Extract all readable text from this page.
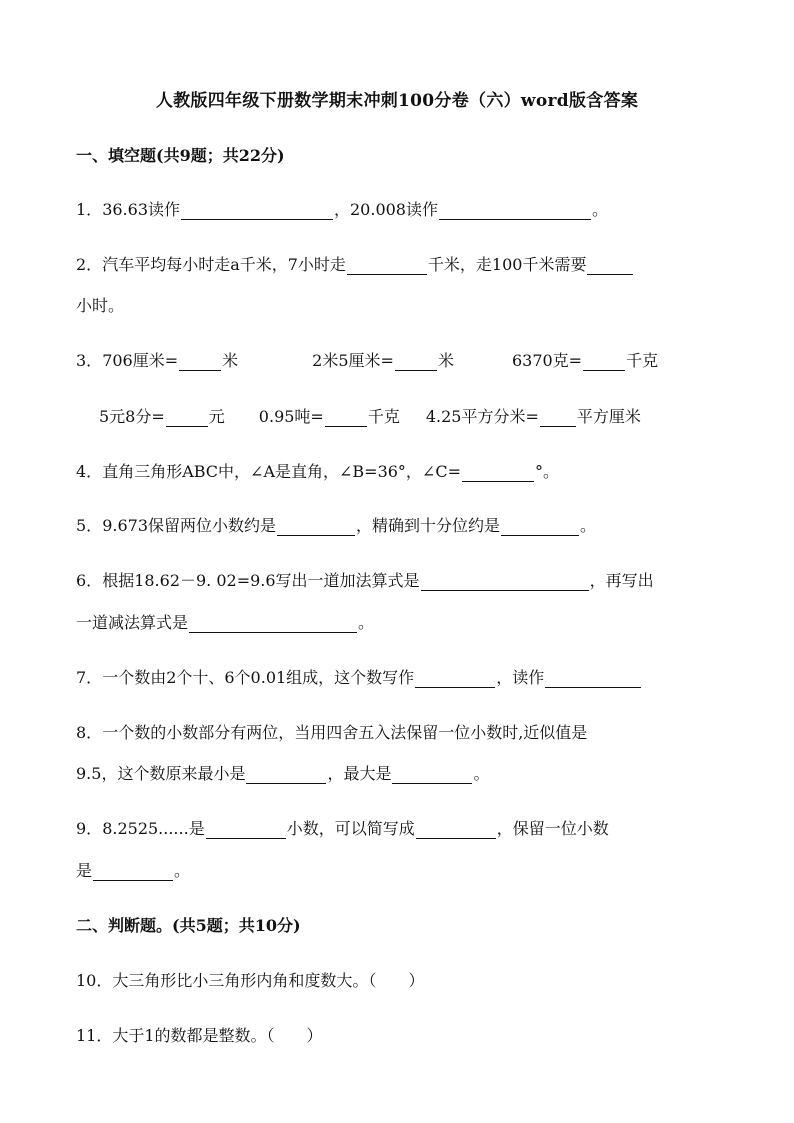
人教版四年级下册数学期末冲刺100分卷（六）word版含答案
一、填空题(共9题；共22分)
1．36.63读作	，20.008读作	。
2．汽车平均每小时走a千米，7小时走	千米，走100千米需要
小时。
3．706厘米=	米	2米5厘米=	米	6370克=	千克
5元8分=	元 0.95吨=	千克 4.25平方分米= 平方厘米
4．直角三角形ABC中，∠A是直角，∠B=36°，∠C=	°。
5．9.673保留两位小数约是	，精确到十分位约是	。
6．根据18.62－9. 02=9.6写出一道加法算式是	，再写出
一道减法算式是	。
7．一个数由2个十、6个0.01组成，这个数写作	，读作
8．一个数的小数部分有两位，当用四舍五入法保留一位小数时,近似值是
9.5，这个数原来最小是	，最大是	。
9．8.2525......是	小数，可以简写成	，保留一位小数
是	。
二、判断题。(共5题；共10分)
10．大三角形比小三角形内角和度数大。（　　）
11．大于1的数都是整数。（　　）
